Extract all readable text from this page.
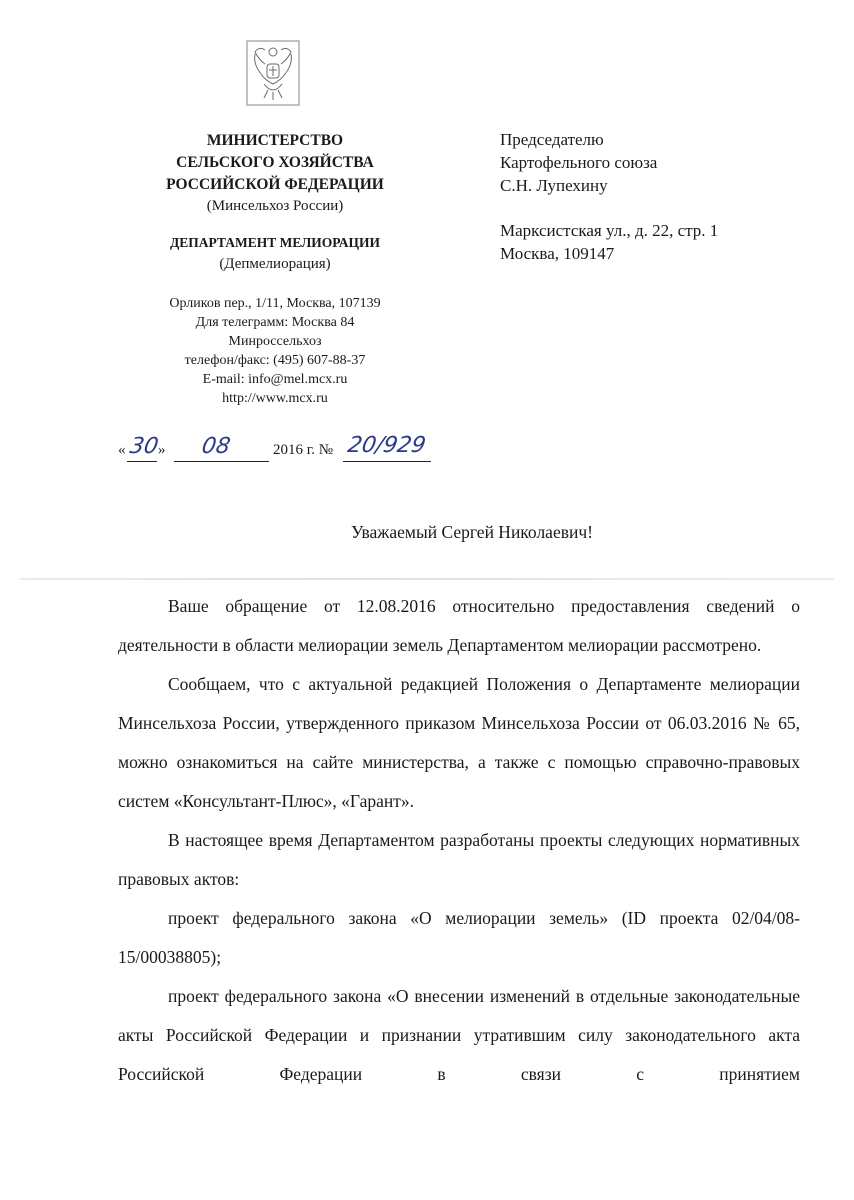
МИНИСТЕРСТВО
СЕЛЬСКОГО ХОЗЯЙСТВА
РОССИЙСКОЙ ФЕДЕРАЦИИ
(Минсельхоз России)
ДЕПАРТАМЕНТ МЕЛИОРАЦИИ
(Депмелиорация)
Орликов пер., 1/11, Москва, 107139
Для телеграмм: Москва 84
Минроссельхоз
телефон/факс: (495) 607-88-37
E-mail: info@mel.mcx.ru
http://www.mcx.ru
Председателю
Картофельного союза
С.Н. Лупехину
Марксистская ул., д. 22, стр. 1
Москва, 109147
« 30
» 08	2016 г. № 20/929
Уважаемый Сергей Николаевич!

Ваше обращение от 12.08.2016 относительно предоставления сведений о деятельности в области мелиорации земель Департаментом мелиорации рассмотрено.

Сообщаем, что с актуальной редакцией Положения о Департаменте мелиорации Минсельхоза России, утвержденного приказом Минсельхоза России от 06.03.2016 № 65, можно ознакомиться на сайте министерства, а также с помощью справочно-правовых систем «Консультант-Плюс», «Гарант».

В настоящее время Департаментом разработаны проекты следующих нормативных правовых актов:

проект федерального закона «О мелиорации земель» (ID проекта 02/04/08-15/00038805);

проект федерального закона «О внесении изменений в отдельные законодательные акты Российской Федерации и признании утратившим силу законодательного акта Российской Федерации в связи с принятием
